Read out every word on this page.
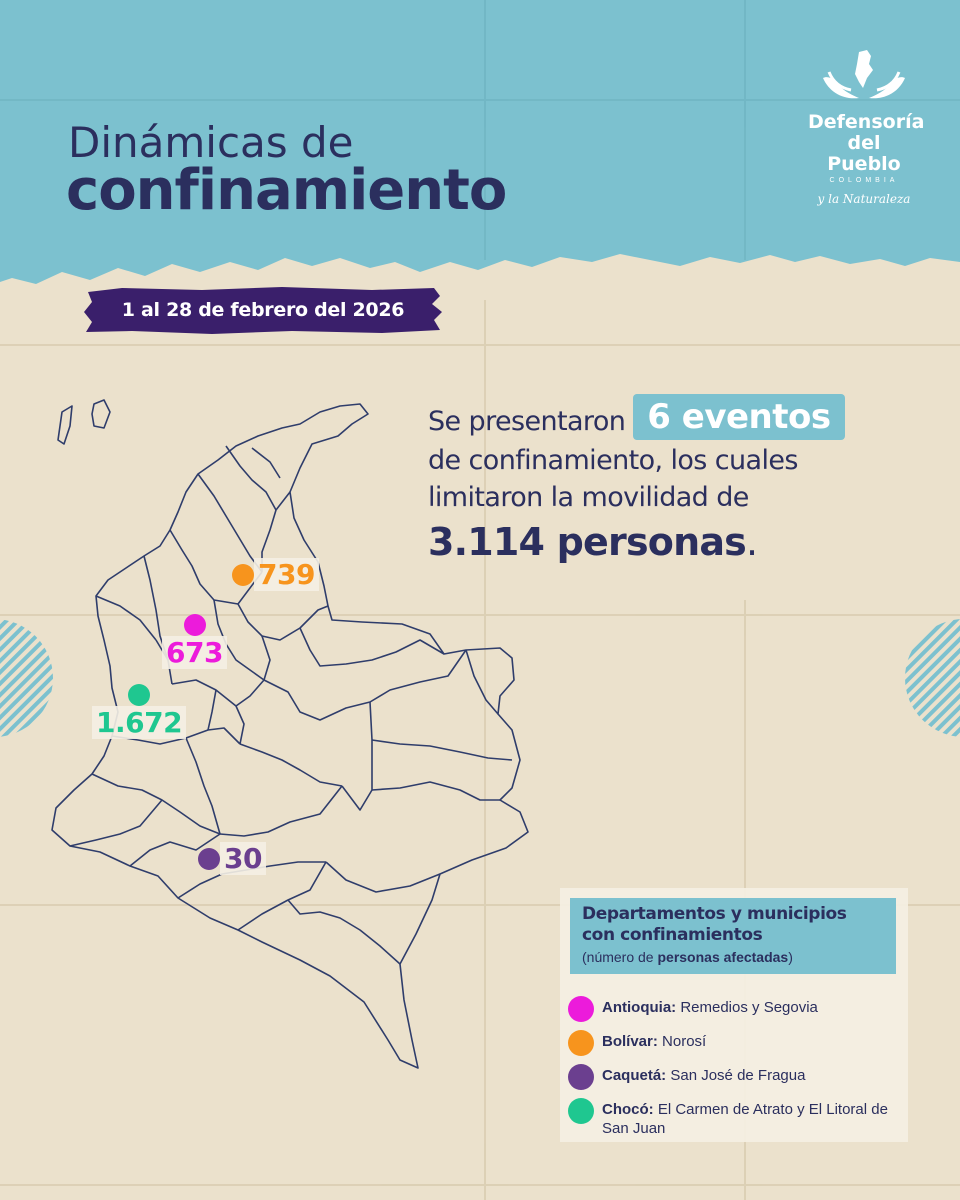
Dinámicas de
confinamiento
Defensoría
del Pueblo
COLOMBIA
y la Naturaleza
1 al 28 de febrero del 2026
739
673
1.672
30
Se presentaron 6 eventos
de confinamiento, los cuales
limitaron la movilidad de
3.114 personas.
Departamentos y municipios
con confinamientos
(número de personas afectadas)
Antioquia: Remedios y Segovia
Bolívar: Norosí
Caquetá: San José de Fragua
Chocó: El Carmen de Atrato y El Litoral de San Juan
